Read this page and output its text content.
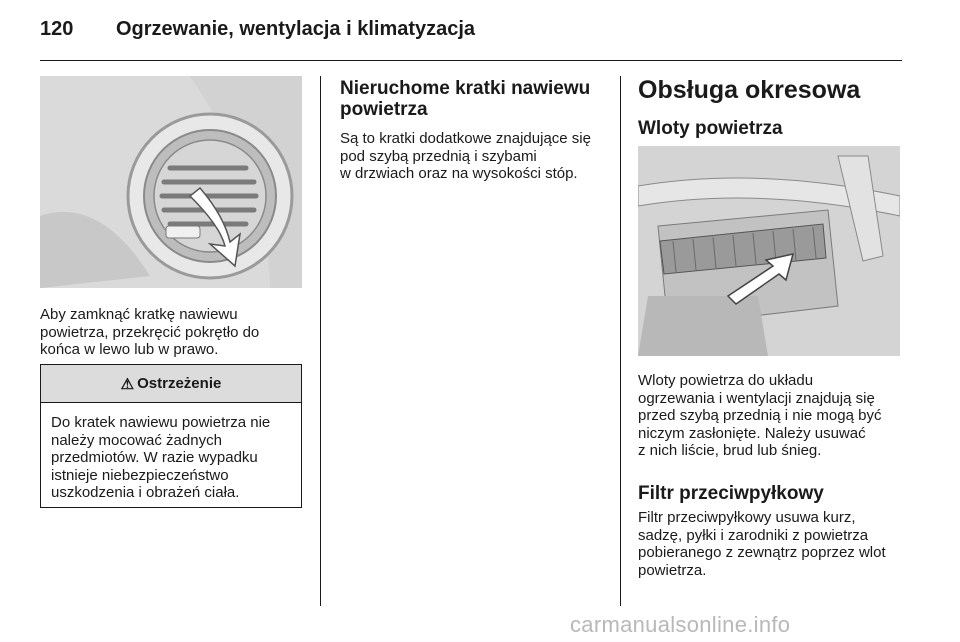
120 Ogrzewanie, wentylacja i klimatyzacja
Aby zamknąć kratkę nawiewu
powietrza, przekręcić pokrętło do
końca w lewo lub w prawo.
⚠ Ostrzeżenie
Do kratek nawiewu powietrza nie
należy mocować żadnych
przedmiotów. W razie wypadku
istnieje niebezpieczeństwo
uszkodzenia i obrażeń ciała.
Nieruchome kratki nawiewu
powietrza
Są to kratki dodatkowe znajdujące się
pod szybą przednią i szybami
w drzwiach oraz na wysokości stóp.
Obsługa okresowa
Wloty powietrza
Wloty powietrza do układu
ogrzewania i wentylacji znajdują się
przed szybą przednią i nie mogą być
niczym zasłonięte. Należy usuwać
z nich liście, brud lub śnieg.
Filtr przeciwpyłkowy
Filtr przeciwpyłkowy usuwa kurz,
sadzę, pyłki i zarodniki z powietrza
pobieranego z zewnątrz poprzez wlot
powietrza.
carmanualsonline.info
